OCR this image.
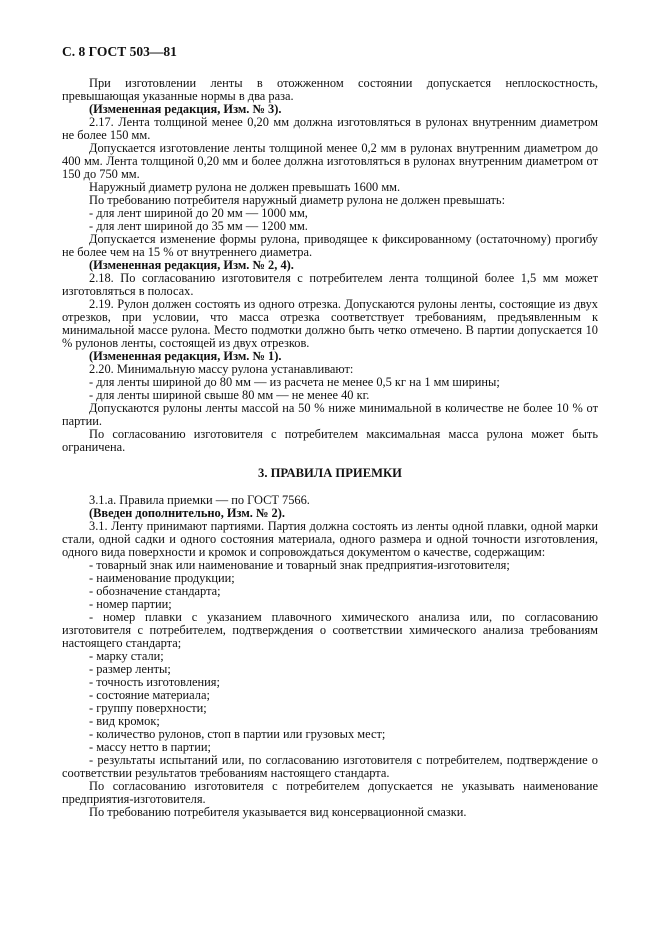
С. 8 ГОСТ 503—81

При изготовлении ленты в отожженном состоянии допускается неплоскостность, превышающая указанные нормы в два раза.

(Измененная редакция, Изм. № 3).

2.17. Лента толщиной менее 0,20 мм должна изготовляться в рулонах внутренним диаметром не более 150 мм.

Допускается изготовление ленты толщиной менее 0,2 мм в рулонах внутренним диаметром до 400 мм. Лента толщиной 0,20 мм и более должна изготовляться в рулонах внутренним диаметром от 150 до 750 мм.

Наружный диаметр рулона не должен превышать 1600 мм.

По требованию потребителя наружный диаметр рулона не должен превышать:

- для лент шириной до 20 мм — 1000 мм,

- для лент шириной до 35 мм — 1200 мм.

Допускается изменение формы рулона, приводящее к фиксированному (остаточному) прогибу не более чем на 15 % от внутреннего диаметра.

(Измененная редакция, Изм. № 2, 4).

2.18. По согласованию изготовителя с потребителем лента толщиной более 1,5 мм может изготовляться в полосах.

2.19. Рулон должен состоять из одного отрезка. Допускаются рулоны ленты, состоящие из двух отрезков, при условии, что масса отрезка соответствует требованиям, предъявленным к минимальной массе рулона. Место подмотки должно быть четко отмечено. В партии допускается 10 % рулонов ленты, состоящей из двух отрезков.

(Измененная редакция, Изм. № 1).

2.20. Минимальную массу рулона устанавливают:

- для ленты шириной до 80 мм — из расчета не менее 0,5 кг на 1 мм ширины;

- для ленты шириной свыше 80 мм — не менее 40 кг.

Допускаются рулоны ленты массой на 50 % ниже минимальной в количестве не более 10 % от партии.

По согласованию изготовителя с потребителем максимальная масса рулона может быть ограничена.

3. ПРАВИЛА ПРИЕМКИ

3.1.а. Правила приемки — по ГОСТ 7566.

(Введен дополнительно, Изм. № 2).

3.1. Ленту принимают партиями. Партия должна состоять из ленты одной плавки, одной марки стали, одной садки и одного состояния материала, одного размера и одной точности изготовления, одного вида поверхности и кромок и сопровождаться документом о качестве, содержащим:

- товарный знак или наименование и товарный знак предприятия-изготовителя;

- наименование продукции;

- обозначение стандарта;

- номер партии;

- номер плавки с указанием плавочного химического анализа или, по согласованию изготовителя с потребителем, подтверждения о соответствии химического анализа требованиям настоящего стандарта;

- марку стали;

- размер ленты;

- точность изготовления;

- состояние материала;

- группу поверхности;

- вид кромок;

- количество рулонов, стоп в партии или грузовых мест;

- массу нетто в партии;

- результаты испытаний или, по согласованию изготовителя с потребителем, подтверждение о соответствии результатов требованиям настоящего стандарта.

По согласованию изготовителя с потребителем допускается не указывать наименование предприятия-изготовителя.

По требованию потребителя указывается вид консервационной смазки.
